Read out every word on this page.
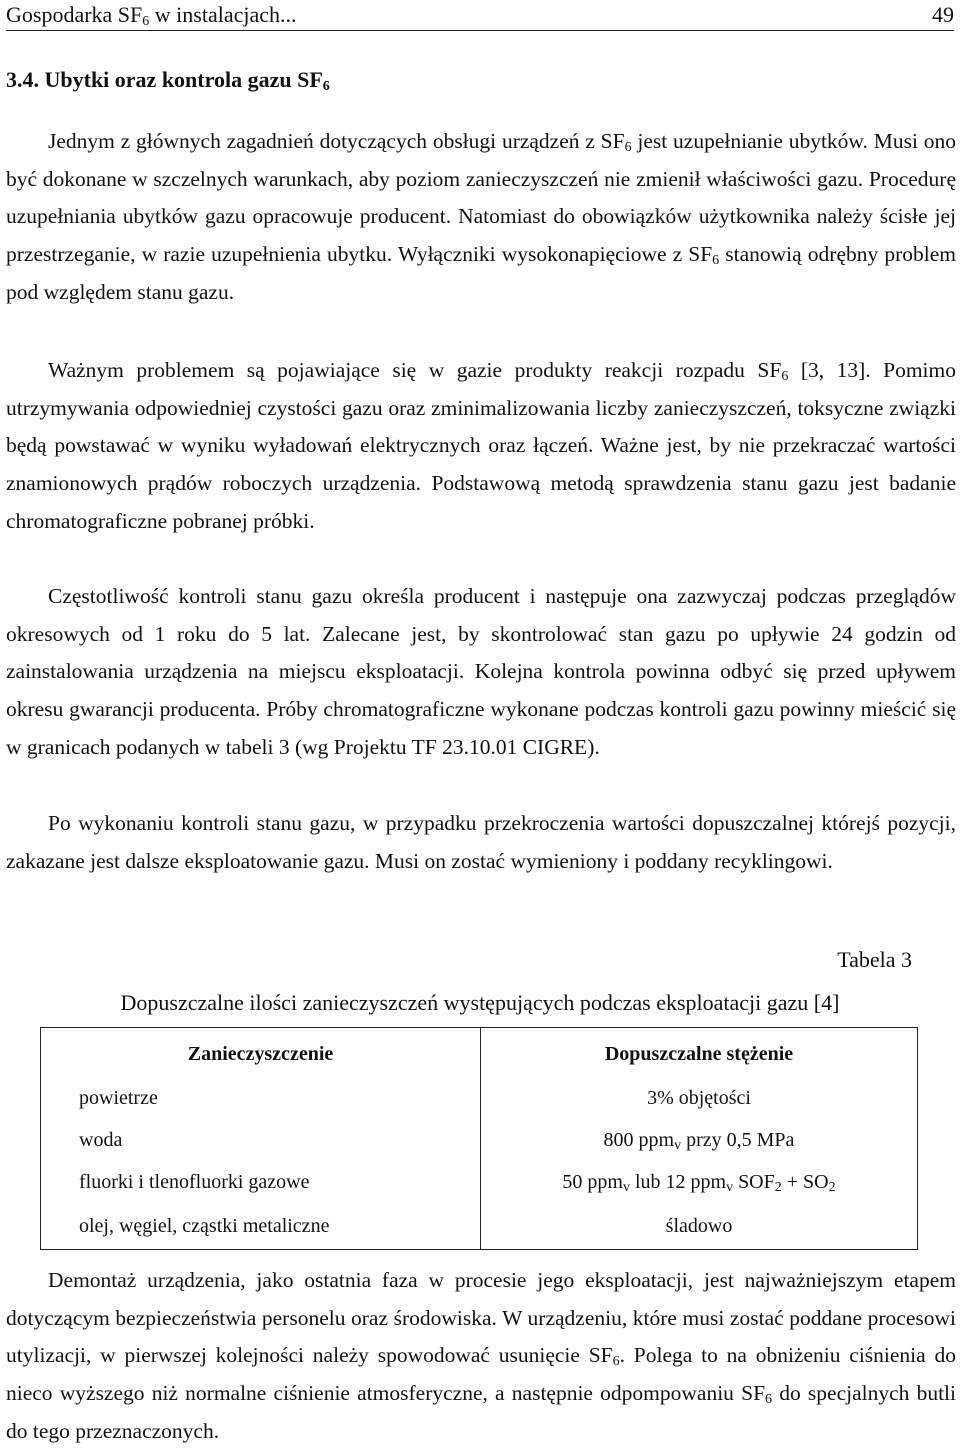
Gospodarka $SF_6$ w instalacjach...	49
3.4. Ubytki oraz kontrola gazu $SF_6$

Jednym z głównych zagadnień dotyczących obsługi urządzeń z $SF_6$ jest uzupełnianie ubytków. Musi ono być dokonane w szczelnych warunkach, aby poziom zanieczyszczeń nie zmienił właściwości gazu. Procedurę uzupełniania ubytków gazu opracowuje producent. Natomiast do obowiązków użytkownika należy ścisłe jej przestrzeganie, w razie uzupełnienia ubytku. Wyłączniki wysokonapięciowe z $SF_6$ stanowią odrębny problem pod względem stanu gazu.

Ważnym problemem są pojawiające się w gazie produkty reakcji rozpadu $SF_6$ [3, 13]. Pomimo utrzymywania odpowiedniej czystości gazu oraz zminimalizowania liczby zanieczyszczeń, toksyczne związki będą powstawać w wyniku wyładowań elektrycznych oraz łączeń. Ważne jest, by nie przekraczać wartości znamionowych prądów roboczych urządzenia. Podstawową metodą sprawdzenia stanu gazu jest badanie chromatograficzne pobranej próbki.

Częstotliwość kontroli stanu gazu określa producent i następuje ona zazwyczaj podczas przeglądów okresowych od 1 roku do 5 lat. Zalecane jest, by skontrolować stan gazu po upływie 24 godzin od zainstalowania urządzenia na miejscu eksploatacji. Kolejna kontrola powinna odbyć się przed upływem okresu gwarancji producenta. Próby chromatograficzne wykonane podczas kontroli gazu powinny mieścić się w granicach podanych w tabeli 3 (wg Projektu TF 23.10.01 CIGRE).

Po wykonaniu kontroli stanu gazu, w przypadku przekroczenia wartości dopuszczalnej którejś pozycji, zakazane jest dalsze eksploatowanie gazu. Musi on zostać wymieniony i poddany recyklingowi.

Tabela 3
Dopuszczalne ilości zanieczyszczeń występujących podczas eksploatacji gazu [4]
Zanieczyszczenie	Dopuszczalne stężenie
powietrze	3% objętości
woda	800 ppm$_v$ przy 0,5 MPa
fluorki i tlenofluorki gazowe	50 ppm$_v$ lub 12 ppm$_v$ $SOF_2 + SO_2$
olej, węgiel, cząstki metaliczne	śladowo

Demontaż urządzenia, jako ostatnia faza w procesie jego eksploatacji, jest najważniejszym etapem dotyczącym bezpieczeństwia personelu oraz środowiska. W urządzeniu, które musi zostać poddane procesowi utylizacji, w pierwszej kolejności należy spowodować usunięcie $SF_6$. Polega to na obniżeniu ciśnienia do nieco wyższego niż normalne ciśnienie atmosferyczne, a następnie odpompowaniu $SF_6$ do specjalnych butli do tego przeznaczonych.
